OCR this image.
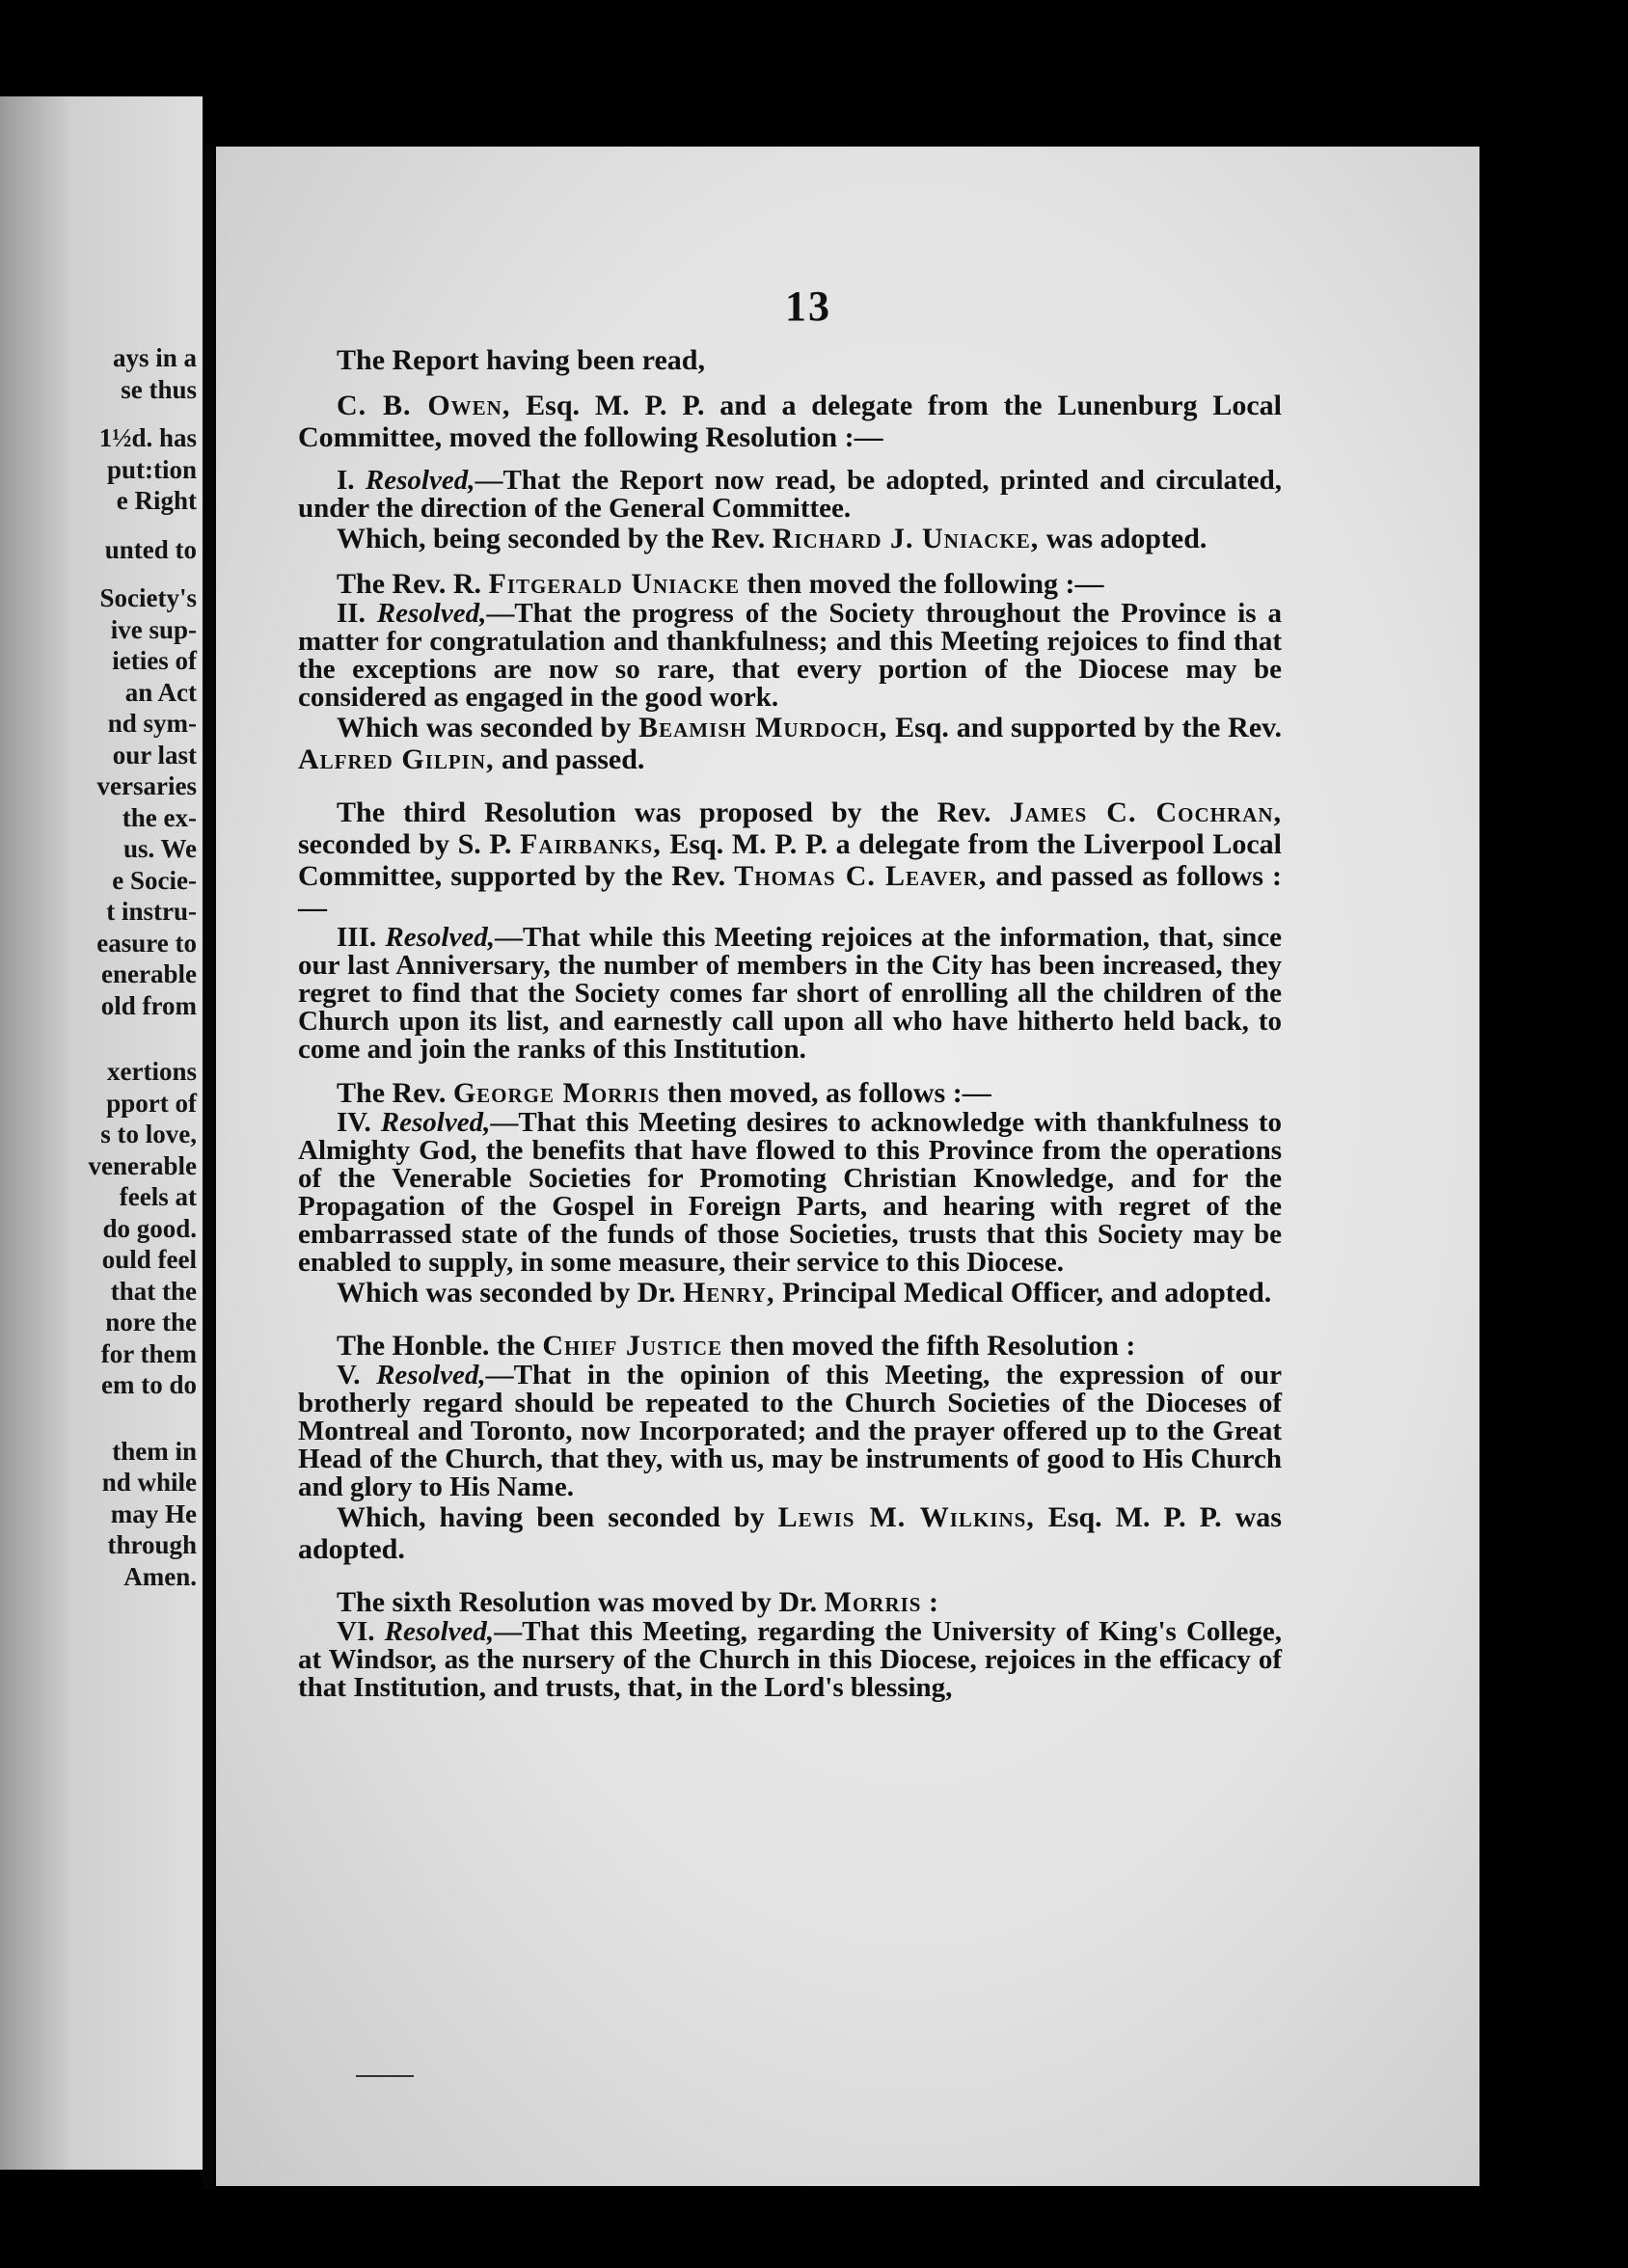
ays in a
se thus
1½d. has
put:tion
e Right
unted to
Society's
ive sup-
ieties of
an Act
nd sym-
our last
versaries
the ex-
us. We
e Socie-
t instru-
easure to
enerable
old from
xertions
pport of
s to love,
venerable
feels at
do good.
ould feel
that the
nore the
for them
em to do
them in
nd while
may He
through
Amen.
13

The Report having been read,

C. B. Owen, Esq. M. P. P. and a delegate from the Lunenburg Local Committee, moved the following Resolution :—

I. Resolved,—That the Report now read, be adopted, printed and circulated, under the direction of the General Committee.

Which, being seconded by the Rev. Richard J. Uniacke, was adopted.

The Rev. R. Fitgerald Uniacke then moved the following :—

II. Resolved,—That the progress of the Society throughout the Province is a matter for congratulation and thankfulness; and this Meeting rejoices to find that the exceptions are now so rare, that every portion of the Diocese may be considered as engaged in the good work.

Which was seconded by Beamish Murdoch, Esq. and supported by the Rev. Alfred Gilpin, and passed.

The third Resolution was proposed by the Rev. James C. Cochran, seconded by S. P. Fairbanks, Esq. M. P. P. a delegate from the Liverpool Local Committee, supported by the Rev. Thomas C. Leaver, and passed as follows :—

III. Resolved,—That while this Meeting rejoices at the information, that, since our last Anniversary, the number of members in the City has been increased, they regret to find that the Society comes far short of enrolling all the children of the Church upon its list, and earnestly call upon all who have hitherto held back, to come and join the ranks of this Institution.

The Rev. George Morris then moved, as follows :—

IV. Resolved,—That this Meeting desires to acknowledge with thankfulness to Almighty God, the benefits that have flowed to this Province from the operations of the Venerable Societies for Promoting Christian Knowledge, and for the Propagation of the Gospel in Foreign Parts, and hearing with regret of the embarrassed state of the funds of those Societies, trusts that this Society may be enabled to supply, in some measure, their service to this Diocese.

Which was seconded by Dr. Henry, Principal Medical Officer, and adopted.

The Honble. the Chief Justice then moved the fifth Resolution :

V. Resolved,—That in the opinion of this Meeting, the expression of our brotherly regard should be repeated to the Church Societies of the Dioceses of Montreal and Toronto, now Incorporated; and the prayer offered up to the Great Head of the Church, that they, with us, may be instruments of good to His Church and glory to His Name.

Which, having been seconded by Lewis M. Wilkins, Esq. M. P. P. was adopted.

The sixth Resolution was moved by Dr. Morris :

VI. Resolved,—That this Meeting, regarding the University of King's College, at Windsor, as the nursery of the Church in this Diocese, rejoices in the efficacy of that Institution, and trusts, that, in the Lord's blessing,
